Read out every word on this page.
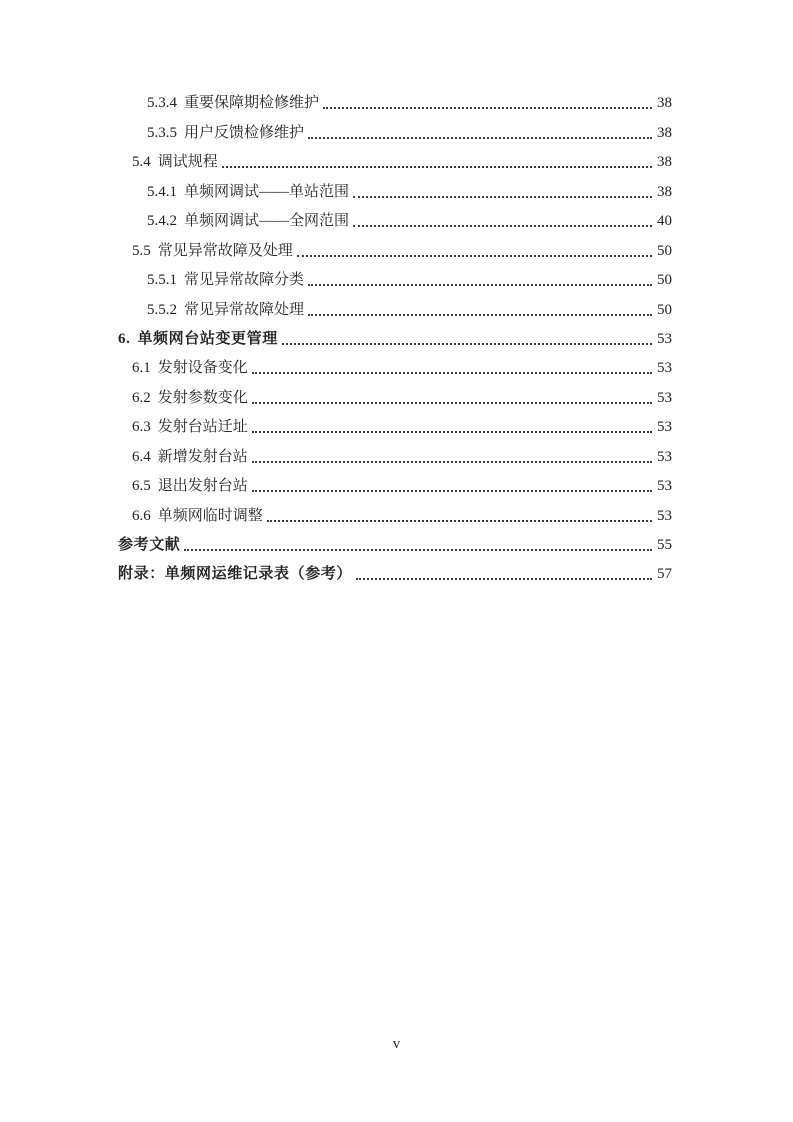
5.3.4 重要保障期检修维护	38
5.3.5 用户反馈检修维护	38
5.4 调试规程	38
5.4.1 单频网调试——单站范围	38
5.4.2 单频网调试——全网范围	40
5.5 常见异常故障及处理	50
5.5.1 常见异常故障分类	50
5.5.2 常见异常故障处理	50
6. 单频网台站变更管理	53
6.1 发射设备变化	53
6.2 发射参数变化	53
6.3 发射台站迁址	53
6.4 新增发射台站	53
6.5 退出发射台站	53
6.6 单频网临时调整	53
参考文献	55
附录：单频网运维记录表（参考）	57
v
